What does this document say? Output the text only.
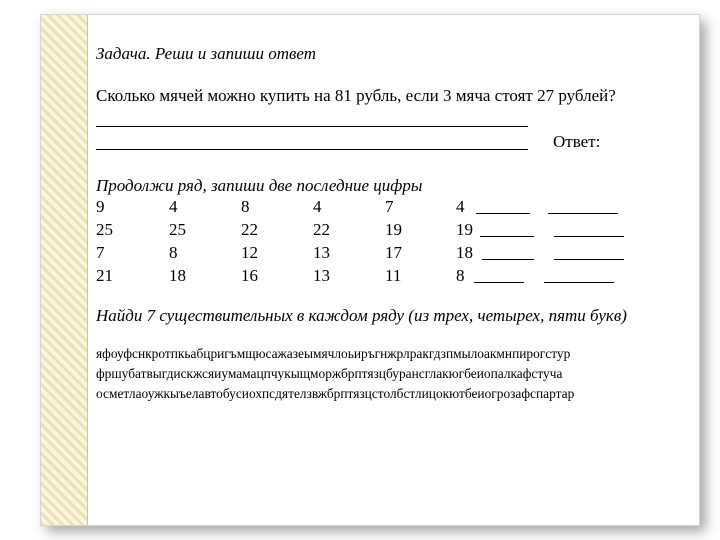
Задача. Реши и запиши ответ
Сколько мячей можно купить на 81 рубль, если 3 мяча стоят 27 рублей?
Ответ:
Продолжи ряд, запиши две последние цифры
9	4	8	4	7	4
25	25	22	22	19	19
7	8	12	13	17	18
21	18	16	13	11	8
Найди 7 существительных в каждом ряду (из трех, четырех, пяти букв)
яфоуфснкротпкьабцригъмщюсажазеымячлоьиръгнжрлракгдзпмылоакмнпирогстур
фршубатвыгдискжсяиумамацпчукыщморжбрптязцбурансглакюгбеиопалкафстуча
осметлаоужкыъелавтобусиохпсдятелзвжбрптязцстолбстлицокютбеиогрозафспартар
